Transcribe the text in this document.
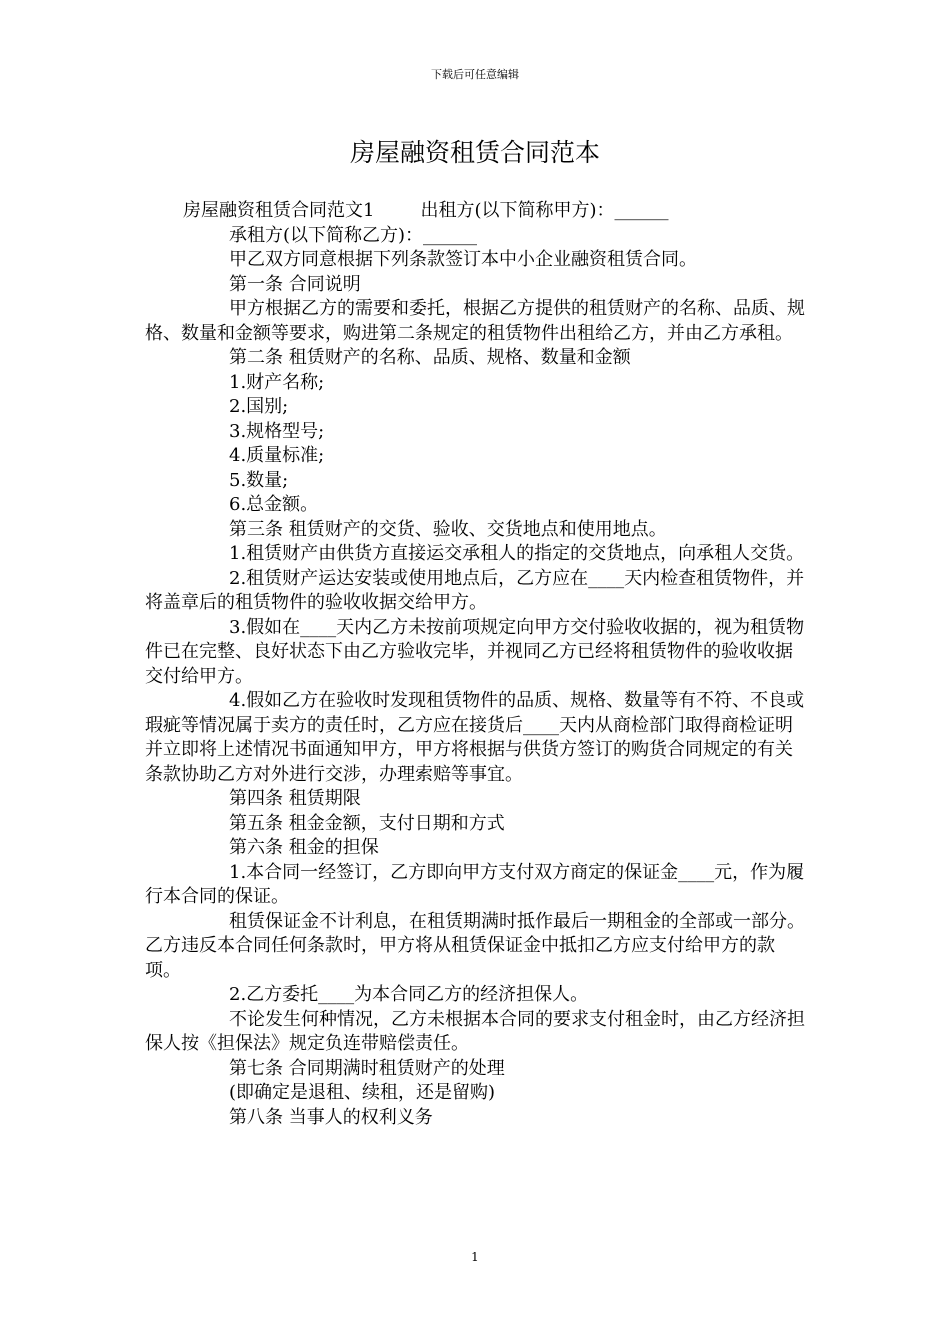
下载后可任意编辑
房屋融资租赁合同范本

房屋融资租赁合同范文1	出租方(以下简称甲方)：______

承租方(以下简称乙方)：______

甲乙双方同意根据下列条款签订本中小企业融资租赁合同。

第一条 合同说明

甲方根据乙方的需要和委托，根据乙方提供的租赁财产的名称、品质、规格、数量和金额等要求，购进第二条规定的租赁物件出租给乙方，并由乙方承租。

第二条 租赁财产的名称、品质、规格、数量和金额

1.财产名称;

2.国别;

3.规格型号;

4.质量标准;

5.数量;

6.总金额。

第三条 租赁财产的交货、验收、交货地点和使用地点。

1.租赁财产由供货方直接运交承租人的指定的交货地点，向承租人交货。

2.租赁财产运达安装或使用地点后，乙方应在____天内检查租赁物件，并将盖章后的租赁物件的验收收据交给甲方。

3.假如在____天内乙方未按前项规定向甲方交付验收收据的，视为租赁物件已在完整、良好状态下由乙方验收完毕，并视同乙方已经将租赁物件的验收收据交付给甲方。

4.假如乙方在验收时发现租赁物件的品质、规格、数量等有不符、不良或瑕疵等情况属于卖方的责任时，乙方应在接货后____天内从商检部门取得商检证明并立即将上述情况书面通知甲方，甲方将根据与供货方签订的购货合同规定的有关条款协助乙方对外进行交涉，办理索赔等事宜。

第四条 租赁期限

第五条 租金金额，支付日期和方式

第六条 租金的担保

1.本合同一经签订，乙方即向甲方支付双方商定的保证金____元，作为履行本合同的保证。

租赁保证金不计利息，在租赁期满时抵作最后一期租金的全部或一部分。乙方违反本合同任何条款时，甲方将从租赁保证金中抵扣乙方应支付给甲方的款项。

2.乙方委托____为本合同乙方的经济担保人。

不论发生何种情况，乙方未根据本合同的要求支付租金时，由乙方经济担保人按《担保法》规定负连带赔偿责任。

第七条 合同期满时租赁财产的处理

(即确定是退租、续租，还是留购)

第八条 当事人的权利义务

1
